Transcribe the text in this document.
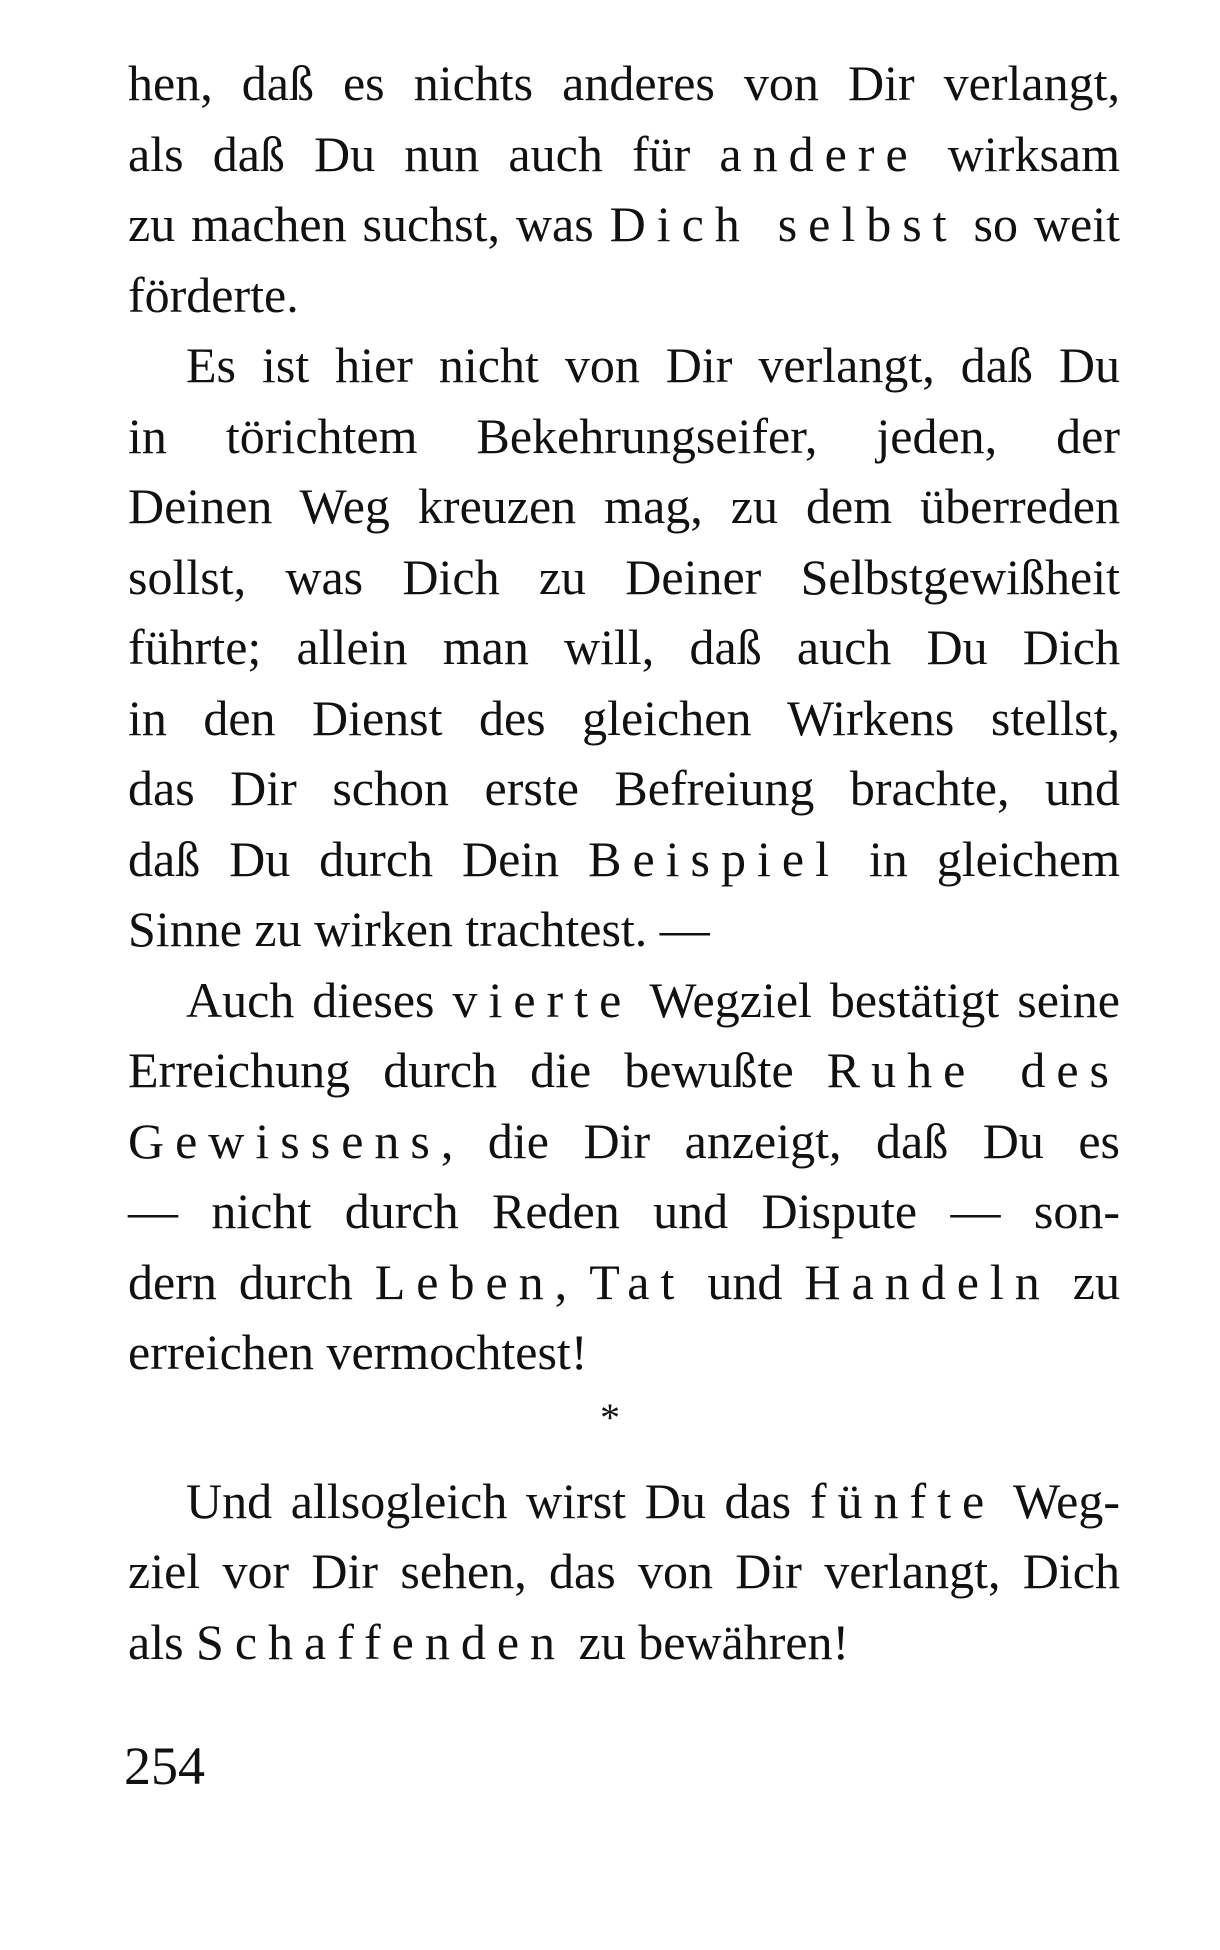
hen, daß es nichts anderes von Dir verlangt,
als daß Du nun auch für andere wirksam
zu machen suchst, was Dich selbst so weit
förderte.
Es ist hier nicht von Dir verlangt, daß Du
in törichtem Bekehrungseifer, jeden, der
Deinen Weg kreuzen mag, zu dem überreden
sollst, was Dich zu Deiner Selbstgewißheit
führte; allein man will, daß auch Du Dich
in den Dienst des gleichen Wirkens stellst,
das Dir schon erste Befreiung brachte, und
daß Du durch Dein Beispiel in gleichem
Sinne zu wirken trachtest. —
Auch dieses vierte Wegziel bestätigt seine
Erreichung durch die bewußte Ruhe des
Gewissens, die Dir anzeigt, daß Du es
— nicht durch Reden und Dispute — son-
dern durch Leben, Tat und Handeln zu
erreichen vermochtest!
Und allsogleich wirst Du das fünfte Weg-
ziel vor Dir sehen, das von Dir verlangt, Dich
als Schaffenden zu bewähren!
*
254
